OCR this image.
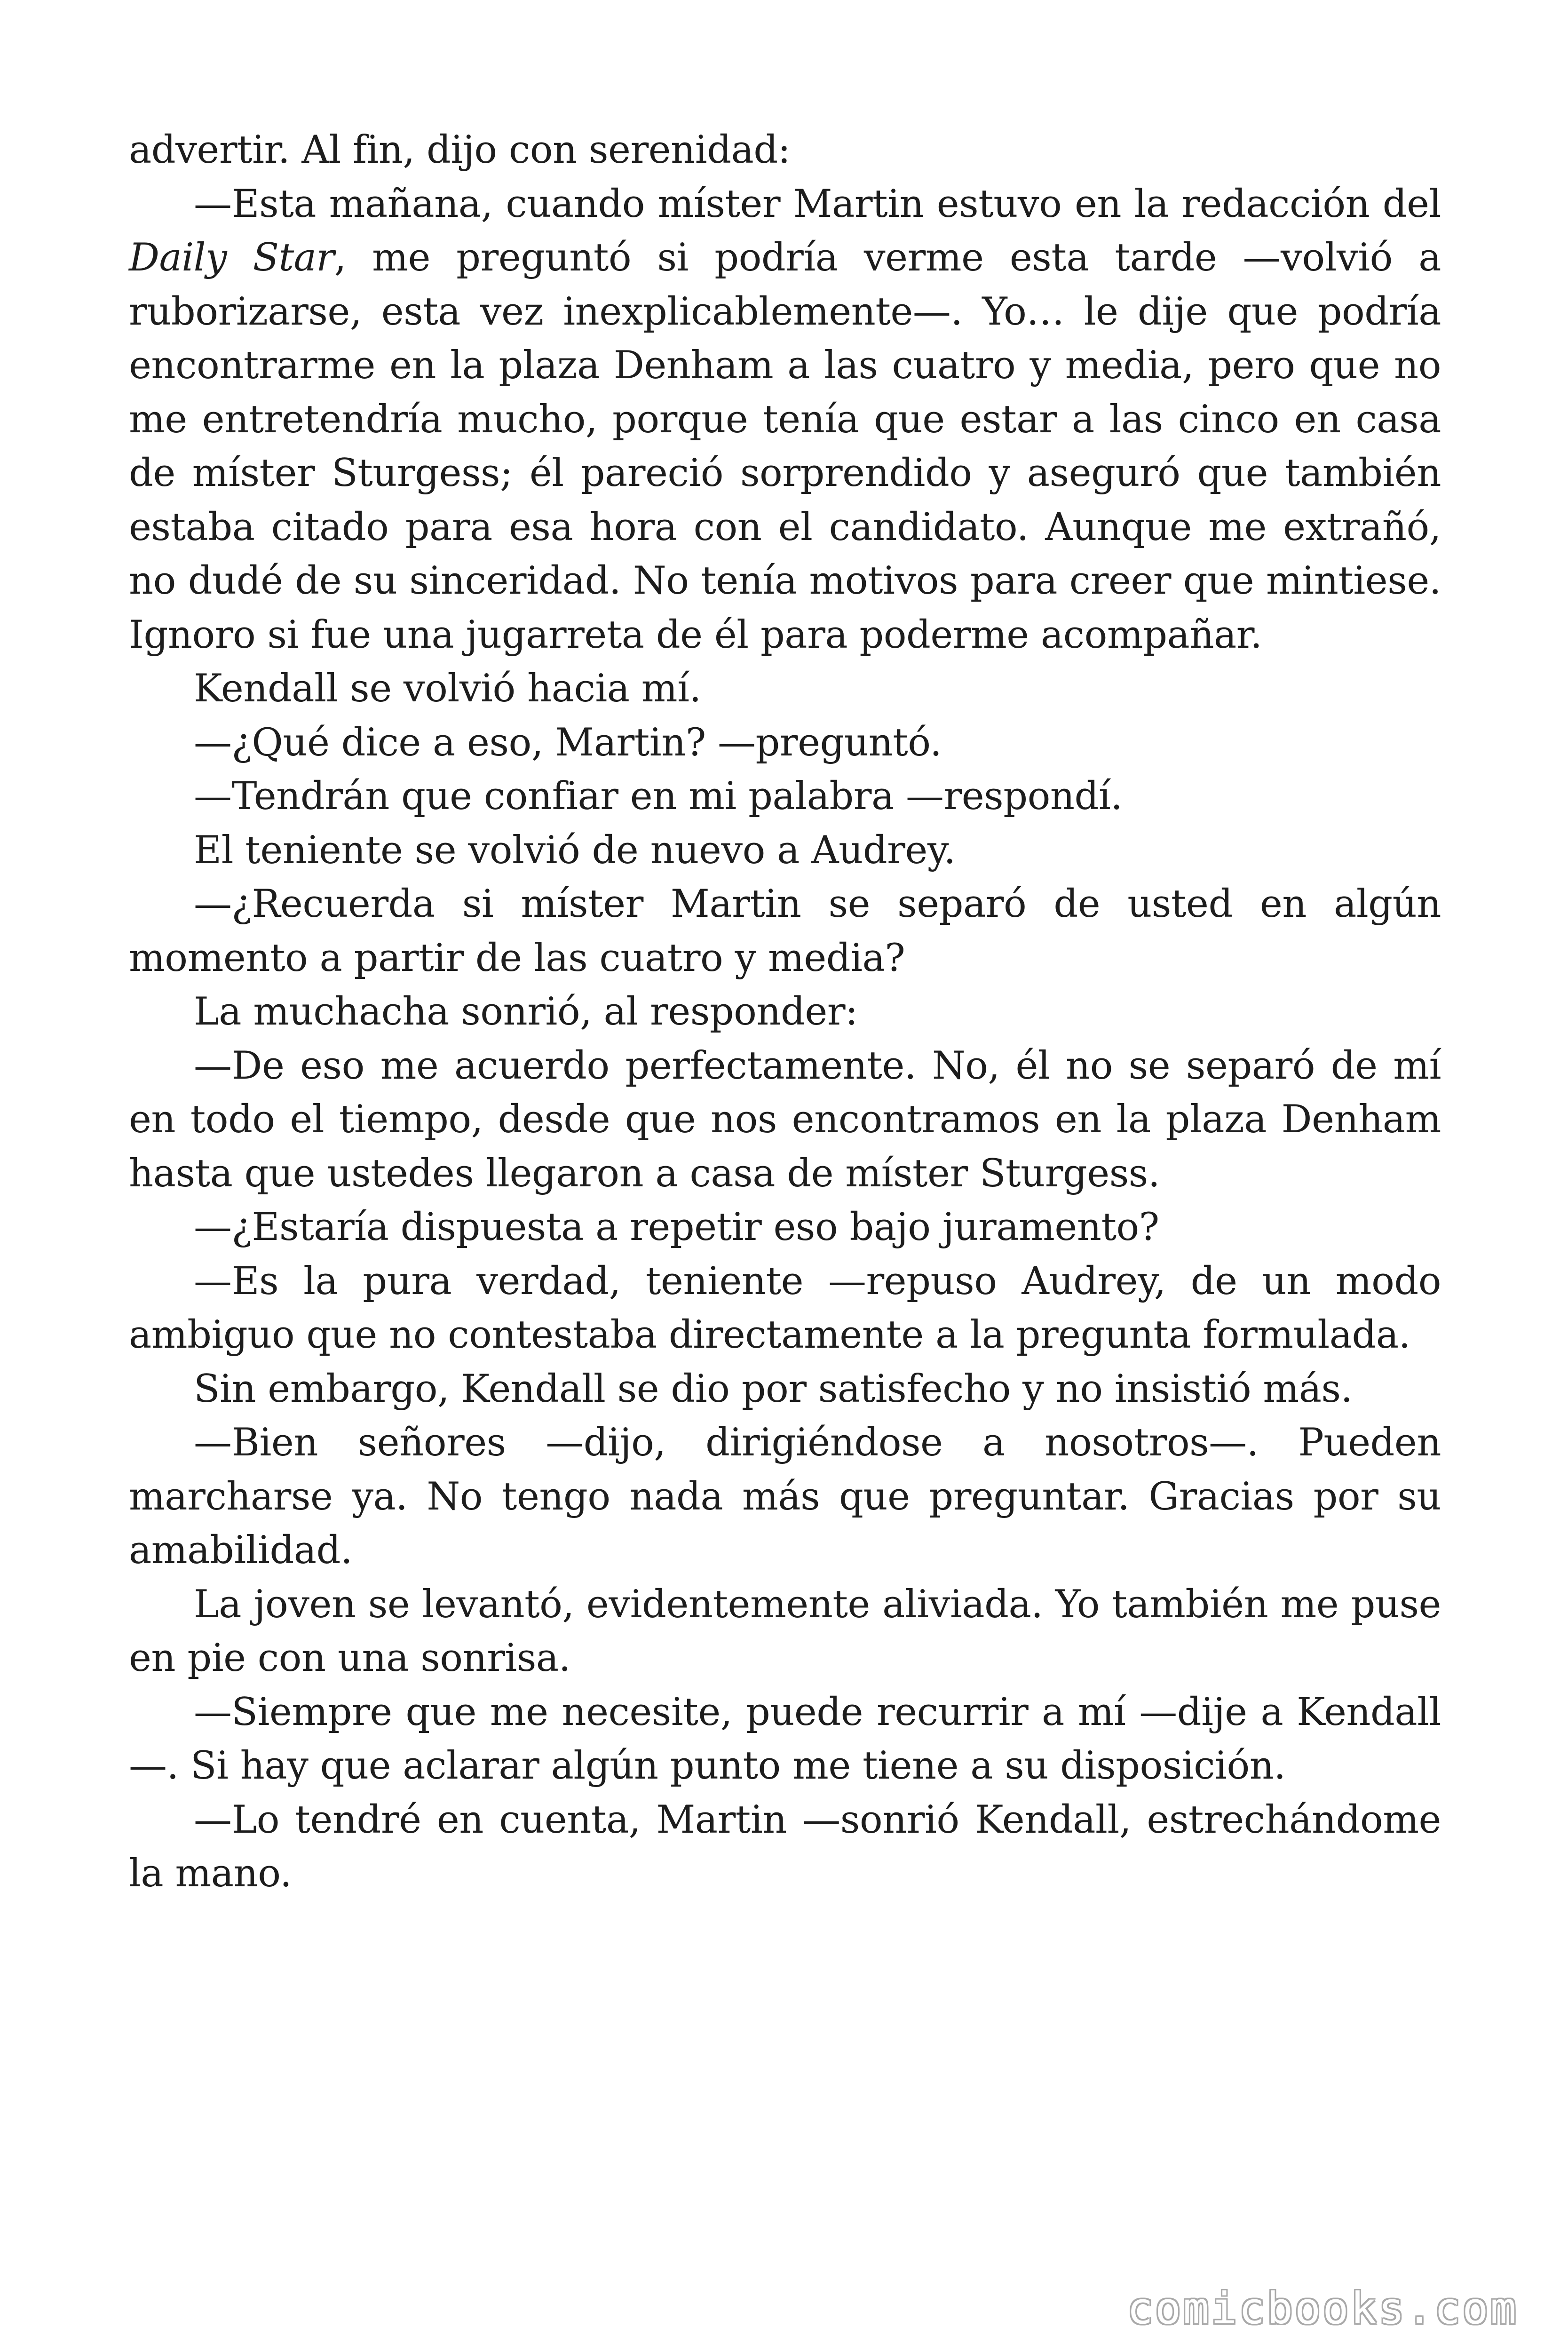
advertir. Al fin, dijo con serenidad:

—Esta mañana, cuando míster Martin estuvo en la redacción del Daily Star, me preguntó si podría verme esta tarde —volvió a ruborizarse, esta vez inexplicablemente—. Yo… le dije que podría encontrarme en la plaza Denham a las cuatro y media, pero que no me entretendría mucho, porque tenía que estar a las cinco en casa de míster Sturgess; él pareció sorprendido y aseguró que también estaba citado para esa hora con el candidato. Aunque me extrañó, no dudé de su sinceridad. No tenía motivos para creer que mintiese. Ignoro si fue una jugarreta de él para poderme acompañar.

Kendall se volvió hacia mí.

—¿Qué dice a eso, Martin? —preguntó.

—Tendrán que confiar en mi palabra —respondí.

El teniente se volvió de nuevo a Audrey.

—¿Recuerda si míster Martin se separó de usted en algún momento a partir de las cuatro y media?

La muchacha sonrió, al responder:

—De eso me acuerdo perfectamente. No, él no se separó de mí en todo el tiempo, desde que nos encontramos en la plaza Denham hasta que ustedes llegaron a casa de míster Sturgess.

—¿Estaría dispuesta a repetir eso bajo juramento?

—Es la pura verdad, teniente —repuso Audrey, de un modo ambiguo que no contestaba directamente a la pregunta formulada.

Sin embargo, Kendall se dio por satisfecho y no insistió más.

—Bien señores —dijo, dirigiéndose a nosotros—. Pueden marcharse ya. No tengo nada más que preguntar. Gracias por su amabilidad.

La joven se levantó, evidentemente aliviada. Yo también me puse en pie con una sonrisa.

—Siempre que me necesite, puede recurrir a mí —dije a Kendall —. Si hay que aclarar algún punto me tiene a su disposición.

—Lo tendré en cuenta, Martin —sonrió Kendall, estrechándome la mano.

comicbooks.com
